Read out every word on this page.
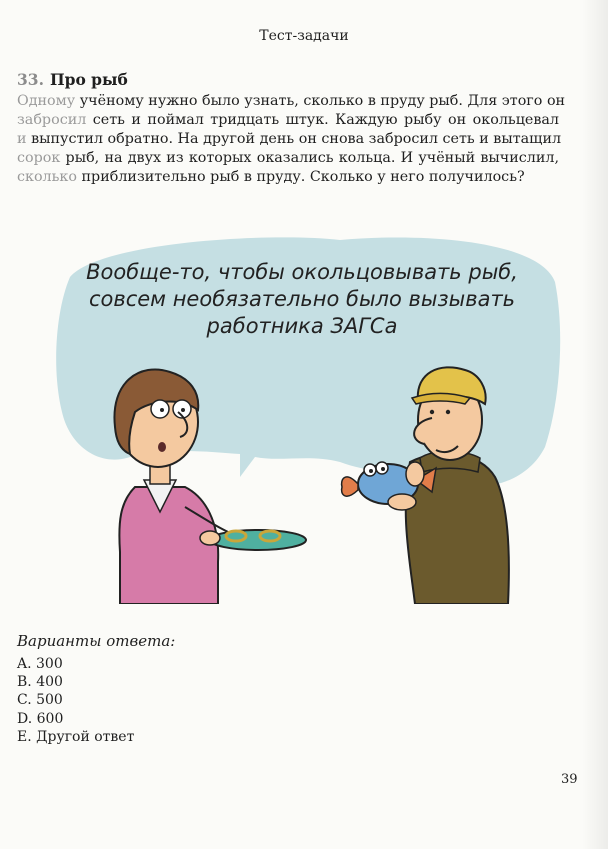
Тест-задачи
33. Про рыб
Одному учёному нужно было узнать, сколько в пруду рыб. Для этого он
забросил сеть и поймал тридцать штук. Каждую рыбу он окольцевал
и выпустил обратно. На другой день он снова забросил сеть и вытащил
сорок рыб, на двух из которых оказались кольца. И учёный вычислил,
сколько приблизительно рыб в пруду. Сколько у него получилось?
Вообще-то, чтобы окольцовывать рыб,
совсем необязательно было вызывать
работника ЗАГСа
Варианты ответа:
A. 300
B. 400
C. 500
D. 600
E. Другой ответ
39
